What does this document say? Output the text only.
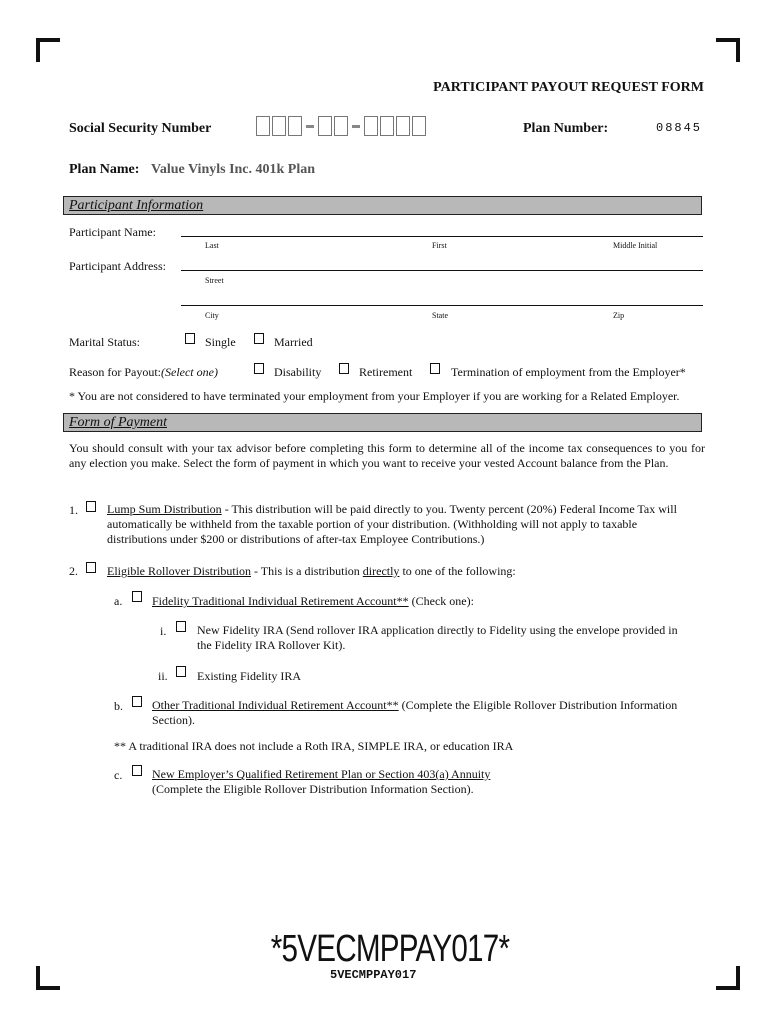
PARTICIPANT PAYOUT REQUEST FORM
Social Security Number	Plan Number:	08845
Plan Name: Value Vinyls Inc. 401k Plan
Participant Information
Participant Name:
Last	First	Middle Initial
Participant Address:
Street
City	State	Zip
Marital Status:	Single	Married
Reason for Payout:(Select one)	Disability	Retirement	Termination of employment from the Employer*
* You are not considered to have terminated your employment from your Employer if you are working for a Related Employer.
Form of Payment
You should consult with your tax advisor before completing this form to determine all of the income tax consequences to you for any election you make. Select the form of payment in which you want to receive your vested Account balance from the Plan.
1. Lump Sum Distribution - This distribution will be paid directly to you. Twenty percent (20%) Federal Income Tax will
automatically be withheld from the taxable portion of your distribution. (Withholding will not apply to taxable
distributions under $200 or distributions of after-tax Employee Contributions.)
2. Eligible Rollover Distribution - This is a distribution directly to one of the following:
a. Fidelity Traditional Individual Retirement Account** (Check one):
i.	New Fidelity IRA (Send rollover IRA application directly to Fidelity using the envelope provided in
the Fidelity IRA Rollover Kit).
ii. Existing Fidelity IRA
b. Other Traditional Individual Retirement Account** (Complete the Eligible Rollover Distribution Information
Section).
** A traditional IRA does not include a Roth IRA, SIMPLE IRA, or education IRA
c. New Employer’s Qualified Retirement Plan or Section 403(a) Annuity
(Complete the Eligible Rollover Distribution Information Section).
*5VECMPPAY017*
5VECMPPAY017
